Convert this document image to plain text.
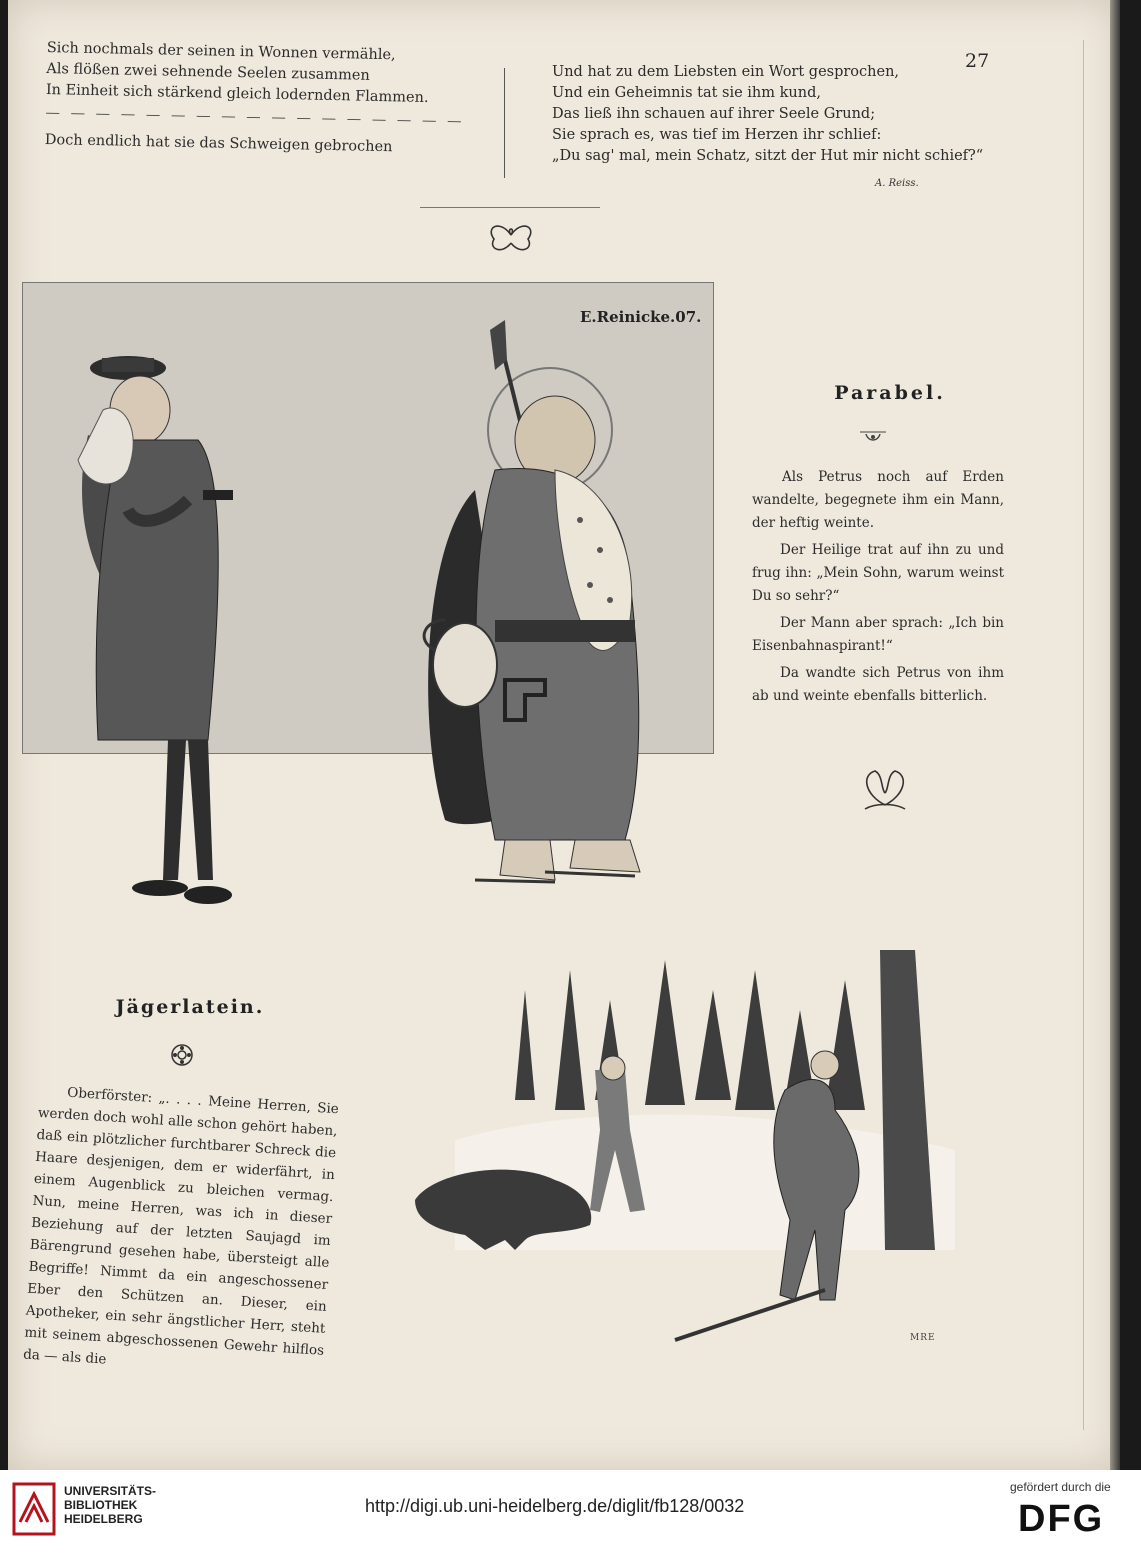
27
Sich nochmals der seinen in Wonnen vermähle,
Als flößen zwei sehnende Seelen zusammen
In Einheit sich stärkend gleich lodernden Flammen.
— — — — — — — — — — — — — — — — —
Doch endlich hat sie das Schweigen gebrochen
Und hat zu dem Liebsten ein Wort gesprochen,
Und ein Geheimnis tat sie ihm kund,
Das ließ ihn schauen auf ihrer Seele Grund;
Sie sprach es, was tief im Herzen ihr schlief:
„Du sag' mal, mein Schatz, sitzt der Hut mir nicht schief?“
A. Reiss.
E.Reinicke.07.
Parabel.

Als Petrus noch auf Erden wandelte, begegnete ihm ein Mann, der heftig weinte.

Der Heilige trat auf ihn zu und frug ihn: „Mein Sohn, warum weinst Du so sehr?“

Der Mann aber sprach: „Ich bin Eisenbahnaspirant!“

Da wandte sich Petrus von ihm ab und weinte ebenfalls bitterlich.

Jägerlatein.

Oberförster: „. . . . Meine Herren, Sie werden doch wohl alle schon gehört haben, daß ein plötzlicher furchtbarer Schreck die Haare desjenigen, dem er widerfährt, in einem Augenblick zu bleichen vermag. Nun, meine Herren, was ich in dieser Beziehung auf der letzten Saujagd im Bärengrund gesehen habe, übersteigt alle Begriffe! Nimmt da ein angeschossener Eber den Schützen an. Dieser, ein Apotheker, ein sehr ängstlicher Herr, steht mit seinem abgeschossenen Gewehr hilflos da — als die

MRE
UNIVERSITÄTS-
BIBLIOTHEK
HEIDELBERG
http://digi.ub.uni-heidelberg.de/diglit/fb128/0032
gefördert durch die
DFG
